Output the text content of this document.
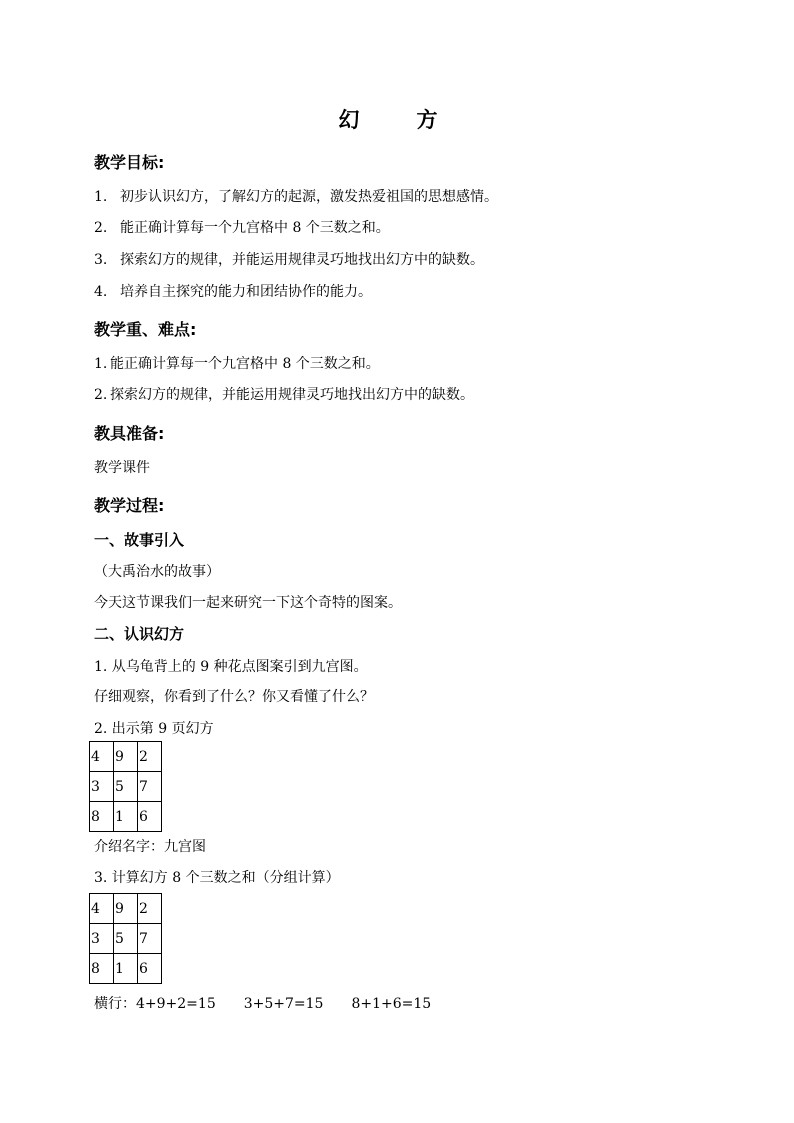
幻　方
教学目标:
1. 初步认识幻方，了解幻方的起源，激发热爱祖国的思想感情。
2. 能正确计算每一个九宫格中 8 个三数之和。
3. 探索幻方的规律，并能运用规律灵巧地找出幻方中的缺数。
4. 培养自主探究的能力和团结协作的能力。
教学重、难点:
1. 能正确计算每一个九宫格中 8 个三数之和。
2. 探索幻方的规律，并能运用规律灵巧地找出幻方中的缺数。
教具准备:
教学课件
教学过程:
一、故事引入
（大禹治水的故事）
今天这节课我们一起来研究一下这个奇特的图案。
二、认识幻方
1. 从乌龟背上的 9 种花点图案引到九宫图。
仔细观察，你看到了什么？你又看懂了什么？
2. 出示第 9 页幻方
4	9	2
3	5	7
8	1	6
介绍名字：九宫图
3. 计算幻方 8 个三数之和（分组计算）
4	9	2
3	5	7
8	1	6
横行：4+9+2=15　　3+5+7=15　　8+1+6=15
